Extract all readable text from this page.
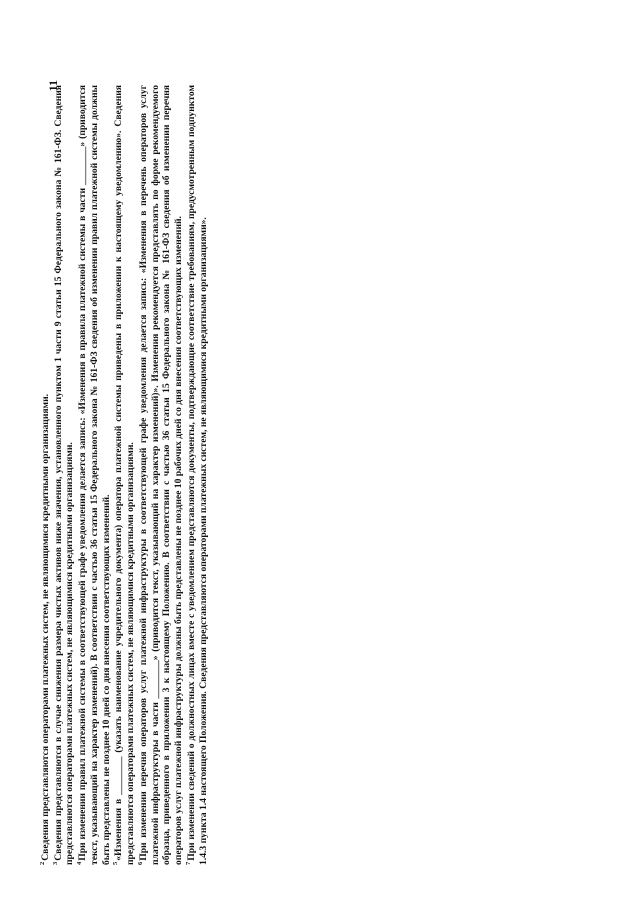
11

$^2$Сведения представляются операторами платежных систем, не являющимися кредитными организациями.

$^3$Сведения представляются в случае снижения размера чистых активов ниже значения, установленного пунктом 1 части 9 статьи 15 Федерального закона № 161-ФЗ. Сведения представляются операторами платежных систем, не являющимися кредитными организациями. $^4$При изменении правил платежной системы в соответствующей графе уведомления делается запись: «Изменения в правила платежной системы в части ________» (приводится текст, указывающий на характер изменений). В соответствии с частью 36 статьи 15 Федерального закона № 161-ФЗ сведения об изменении правил платежной системы должны быть представлены не позднее 10 дней со дня внесения соответствующих изменений. $^5$«Изменения в ________ (указать наименование учредительного документа) оператора платежной системы приведены в приложении к настоящему уведомлению». Сведения представляются операторами платежных систем, не являющимися кредитными организациями. $^6$При изменении перечня операторов услуг платежной инфраструктуры в соответствующей графе уведомления делается запись: «Изменения в перечень операторов услуг платежной инфраструктуры в части ________» (приводится текст, указывающий на характер изменений)». Изменения рекомендуется представлять по форме рекомендуемого образца, приведенного в приложении 3 к настоящему Положению. В соответствии с частью 36 статьи 15 Федерального закона № 161-ФЗ сведения об изменении перечня операторов услуг платежной инфраструктуры должны быть представлены не позднее 10 рабочих дней со дня внесения соответствующих изменений. $^7$При изменении сведений о должностных лицах вместе с уведомлением представляются документы, подтверждающие соответствие требованиям, предусмотренным подпунктом 1.4.3 пункта 1.4 настоящего Положения. Сведения представляются операторами платежных систем, не являющимися кредитными организациями».
